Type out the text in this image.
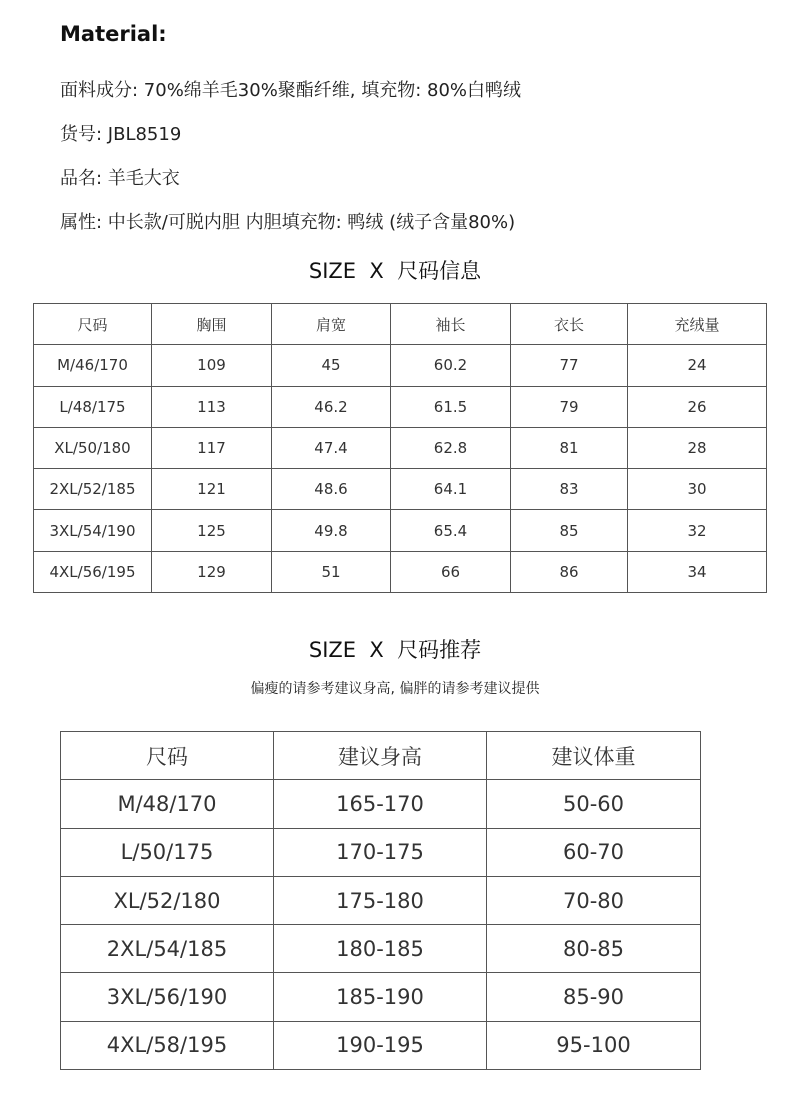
Material:
面料成分: 70%绵羊毛30%聚酯纤维, 填充物: 80%白鸭绒
货号: JBL8519
品名: 羊毛大衣
属性: 中长款/可脱内胆 内胆填充物: 鸭绒 (绒子含量80%)
SIZE  X  尺码信息
尺码	胸围	肩宽	袖长	衣长	充绒量
M/46/170	109	45	60.2	77	24
L/48/175	113	46.2	61.5	79	26
XL/50/180	117	47.4	62.8	81	28
2XL/52/185	121	48.6	64.1	83	30
3XL/54/190	125	49.8	65.4	85	32
4XL/56/195	129	51	66	86	34
SIZE  X  尺码推荐
偏瘦的请参考建议身高, 偏胖的请参考建议提供
尺码	建议身高	建议体重
M/48/170	165-170	50-60
L/50/175	170-175	60-70
XL/52/180	175-180	70-80
2XL/54/185	180-185	80-85
3XL/56/190	185-190	85-90
4XL/58/195	190-195	95-100
